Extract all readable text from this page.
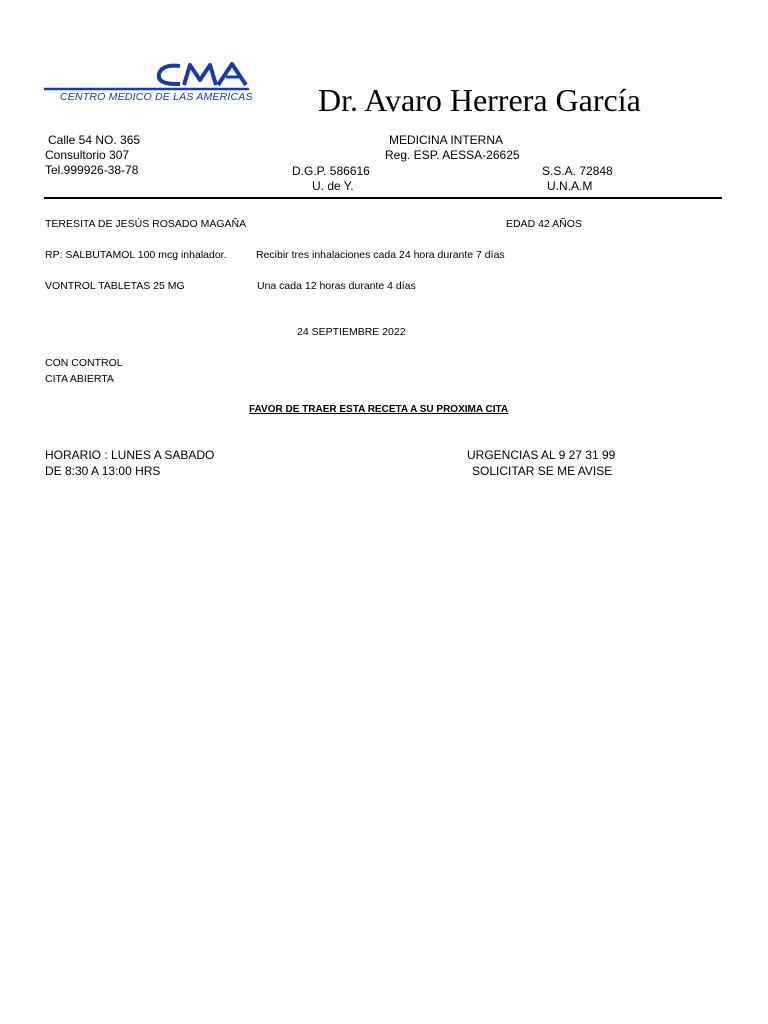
CENTRO MEDICO DE LAS AMERICAS Dr. Avaro Herrera García
Calle 54 NO. 365
Consultorio 307
Tel.999926-38-78
MEDICINA INTERNA
Reg. ESP. AESSA-26625
D.G.P. 586616
U. de Y.
S.S.A. 72848
U.N.A.M
TERESITA DE JESÚS ROSADO MAGAÑA	EDAD 42 AÑOS
RP: SALBUTAMOL 100 mcg inhalador.	Recibir tres inhalaciones cada 24 hora durante 7 días
VONTROL TABLETAS 25 MG	Una cada 12 horas durante 4 días
24 SEPTIEMBRE 2022
CON CONTROL
CITA ABIERTA
FAVOR DE TRAER ESTA RECETA A SU PROXIMA CITA
HORARIO : LUNES A SABADO
DE 8:30 A 13:00 HRS
URGENCIAS AL 9 27 31 99
SOLICITAR SE ME AVISE
